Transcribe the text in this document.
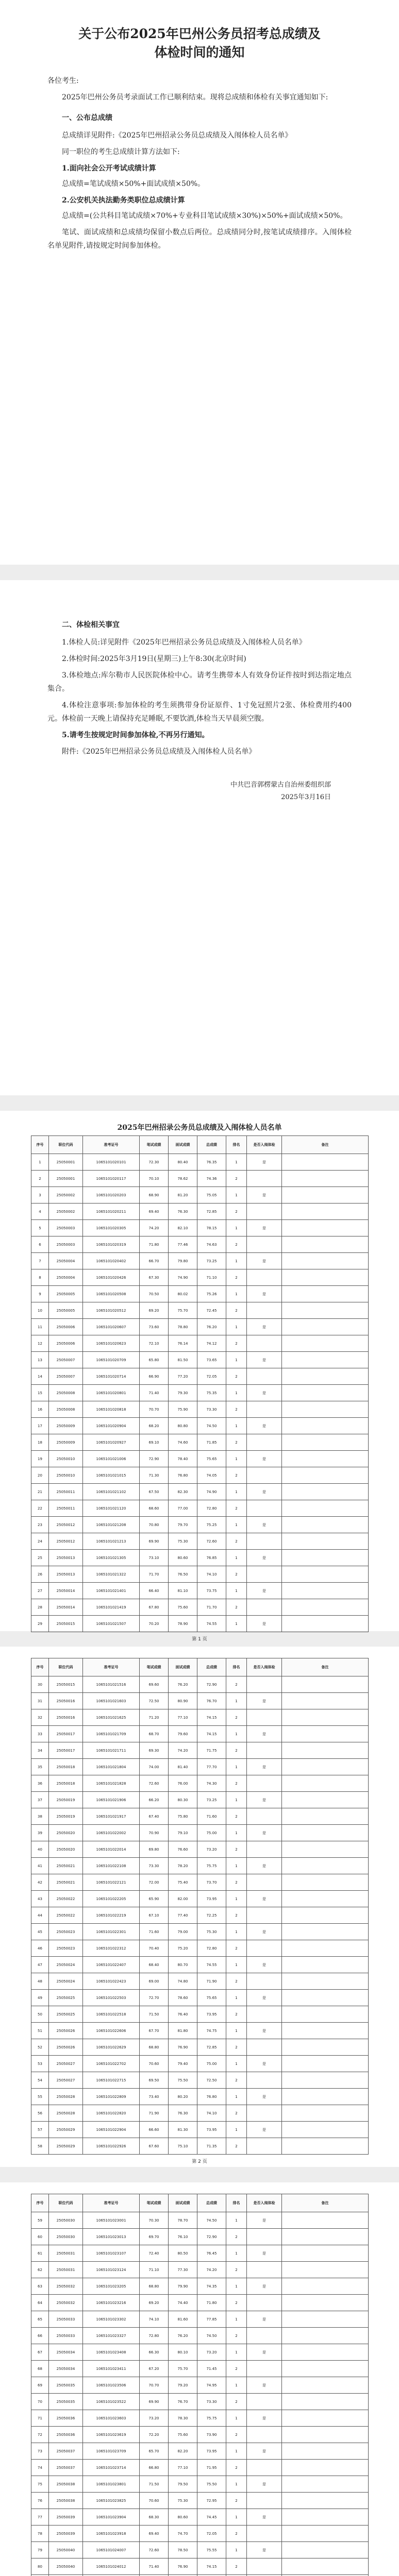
关于公布2025年巴州公务员招考总成绩及
体检时间的通知

各位考生:

2025年巴州公务员考录面试工作已顺利结束。现将总成绩和体检有关事宜通知如下:

一、公布总成绩

总成绩详见附件:《2025年巴州招录公务员总成绩及入闱体检人员名单》

同一职位的考生总成绩计算方法如下:

1.面向社会公开考试成绩计算

总成绩=笔试成绩×50%+面试成绩×50%。

2.公安机关执法勤务类职位总成绩计算

总成绩=(公共科目笔试成绩×70%+专业科目笔试成绩×30%)×50%+面试成绩×50%。

笔试、面试成绩和总成绩均保留小数点后两位。总成绩同分时,按笔试成绩排序。入闱体检名单见附件,请按规定时间参加体检。

二、体检相关事宜

1.体检人员:详见附件《2025年巴州招录公务员总成绩及入闱体检人员名单》

2.体检时间:2025年3月19日(星期三)上午8:30(北京时间)

3.体检地点:库尔勒市人民医院体检中心。请考生携带本人有效身份证件按时到达指定地点集合。

4.体检注意事项:参加体检的考生须携带身份证原件、1寸免冠照片2张、体检费用约400元。体检前一天晚上请保持充足睡眠,不要饮酒,体检当天早晨须空腹。

5.请考生按规定时间参加体检,不再另行通知。

附件:《2025年巴州招录公务员总成绩及入闱体检人员名单》

中共巴音郭楞蒙古自治州委组织部
2025年3月16日
2025年巴州招录公务员总成绩及入闱体检人员名单
序号	职位代码	准考证号	笔试成绩	面试成绩	总成绩	排名	是否入闱体检	备注
1	25050001	1065101020101	72.30	80.40	76.35	1	是	
2	25050001	1065101020117	70.10	78.62	74.36	2		
3	25050002	1065101020203	68.90	81.20	75.05	1	是	
4	25050002	1065101020211	69.40	76.30	72.85	2		
5	25050003	1065101020305	74.20	82.10	78.15	1	是	
6	25050003	1065101020319	71.80	77.46	74.63	2		
7	25050004	1065101020402	66.70	79.80	73.25	1	是	
8	25050004	1065101020426	67.30	74.90	71.10	2		
9	25050005	1065101020508	70.50	80.02	75.26	1	是	
10	25050005	1065101020512	69.20	75.70	72.45	2		
11	25050006	1065101020607	73.60	78.80	76.20	1	是	
12	25050006	1065101020623	72.10	76.14	74.12	2		
13	25050007	1065101020709	65.80	81.50	73.65	1	是	
14	25050007	1065101020714	66.90	77.20	72.05	2		
15	25050008	1065101020801	71.40	79.30	75.35	1	是	
16	25050008	1065101020818	70.70	75.90	73.30	2		
17	25050009	1065101020904	68.20	80.80	74.50	1	是	
18	25050009	1065101020927	69.10	74.60	71.85	2		
19	25050010	1065101021006	72.90	78.40	75.65	1	是	
20	25050010	1065101021015	71.30	76.80	74.05	2		
21	25050011	1065101021102	67.50	82.30	74.90	1	是	
22	25050011	1065101021120	68.60	77.00	72.80	2		
23	25050012	1065101021208	70.80	79.70	75.25	1	是	
24	25050012	1065101021213	69.90	75.30	72.60	2		
25	25050013	1065101021305	73.10	80.60	76.85	1	是	
26	25050013	1065101021322	71.70	76.50	74.10	2		
27	25050014	1065101021401	66.40	81.10	73.75	1	是	
28	25050014	1065101021419	67.80	75.60	71.70	2		
29	25050015	1065101021507	70.20	78.90	74.55	1	是	
第 1 页
序号	职位代码	准考证号	笔试成绩	面试成绩	总成绩	排名	是否入闱体检	备注
30	25050015	1065101021516	69.60	76.20	72.90	2		
31	25050016	1065101021603	72.50	80.90	76.70	1	是	
32	25050016	1065101021625	71.20	77.10	74.15	2		
33	25050017	1065101021709	68.70	79.60	74.15	1	是	
34	25050017	1065101021711	69.30	74.20	71.75	2		
35	25050018	1065101021804	74.00	81.40	77.70	1	是	
36	25050018	1065101021828	72.60	76.00	74.30	2		
37	25050019	1065101021906	66.20	80.30	73.25	1	是	
38	25050019	1065101021917	67.40	75.80	71.60	2		
39	25050020	1065101022002	70.90	79.10	75.00	1	是	
40	25050020	1065101022014	69.80	76.60	73.20	2		
41	25050021	1065101022108	73.30	78.20	75.75	1	是	
42	25050021	1065101022121	72.00	75.40	73.70	2		
43	25050022	1065101022205	65.90	82.00	73.95	1	是	
44	25050022	1065101022219	67.10	77.40	72.25	2		
45	25050023	1065101022301	71.60	79.00	75.30	1	是	
46	25050023	1065101022312	70.40	75.20	72.80	2		
47	25050024	1065101022407	68.40	80.70	74.55	1	是	
48	25050024	1065101022423	69.00	74.80	71.90	2		
49	25050025	1065101022503	72.70	78.60	75.65	1	是	
50	25050025	1065101022518	71.50	76.40	73.95	2		
51	25050026	1065101022606	67.70	81.80	74.75	1	是	
52	25050026	1065101022629	68.80	76.90	72.85	2		
53	25050027	1065101022702	70.60	79.40	75.00	1	是	
54	25050027	1065101022715	69.50	75.50	72.50	2		
55	25050028	1065101022809	73.40	80.20	76.80	1	是	
56	25050028	1065101022820	71.90	76.30	74.10	2		
57	25050029	1065101022904	66.60	81.30	73.95	1	是	
58	25050029	1065101022926	67.60	75.10	71.35	2		
第 2 页
序号	职位代码	准考证号	笔试成绩	面试成绩	总成绩	排名	是否入闱体检	备注
59	25050030	1065101023001	70.30	78.70	74.50	1	是	
60	25050030	1065101023013	69.70	76.10	72.90	2		
61	25050031	1065101023107	72.40	80.50	76.45	1	是	
62	25050031	1065101023124	71.10	77.30	74.20	2		
63	25050032	1065101023205	68.80	79.90	74.35	1	是	
64	25050032	1065101023216	69.20	74.40	71.80	2		
65	25050033	1065101023302	74.10	81.60	77.85	1	是	
66	25050033	1065101023327	72.80	76.20	74.50	2		
67	25050034	1065101023408	66.30	80.10	73.20	1	是	
68	25050034	1065101023411	67.20	75.70	71.45	2		
69	25050035	1065101023506	70.70	79.20	74.95	1	是	
70	25050035	1065101023522	69.90	76.70	73.30	2		
71	25050036	1065101023603	73.20	78.30	75.75	1	是	
72	25050036	1065101023619	72.20	75.60	73.90	2		
73	25050037	1065101023709	65.70	82.20	73.95	1	是	
74	25050037	1065101023714	66.80	77.10	71.95	2		
75	25050038	1065101023801	71.50	79.50	75.50	1	是	
76	25050038	1065101023825	70.60	75.30	72.95	2		
77	25050039	1065101023904	68.30	80.60	74.45	1	是	
78	25050039	1065101023918	69.40	74.70	72.05	2		
79	25050040	1065101024007	72.60	78.50	75.55	1	是	
80	25050040	1065101024012	71.40	76.90	74.15	2		
